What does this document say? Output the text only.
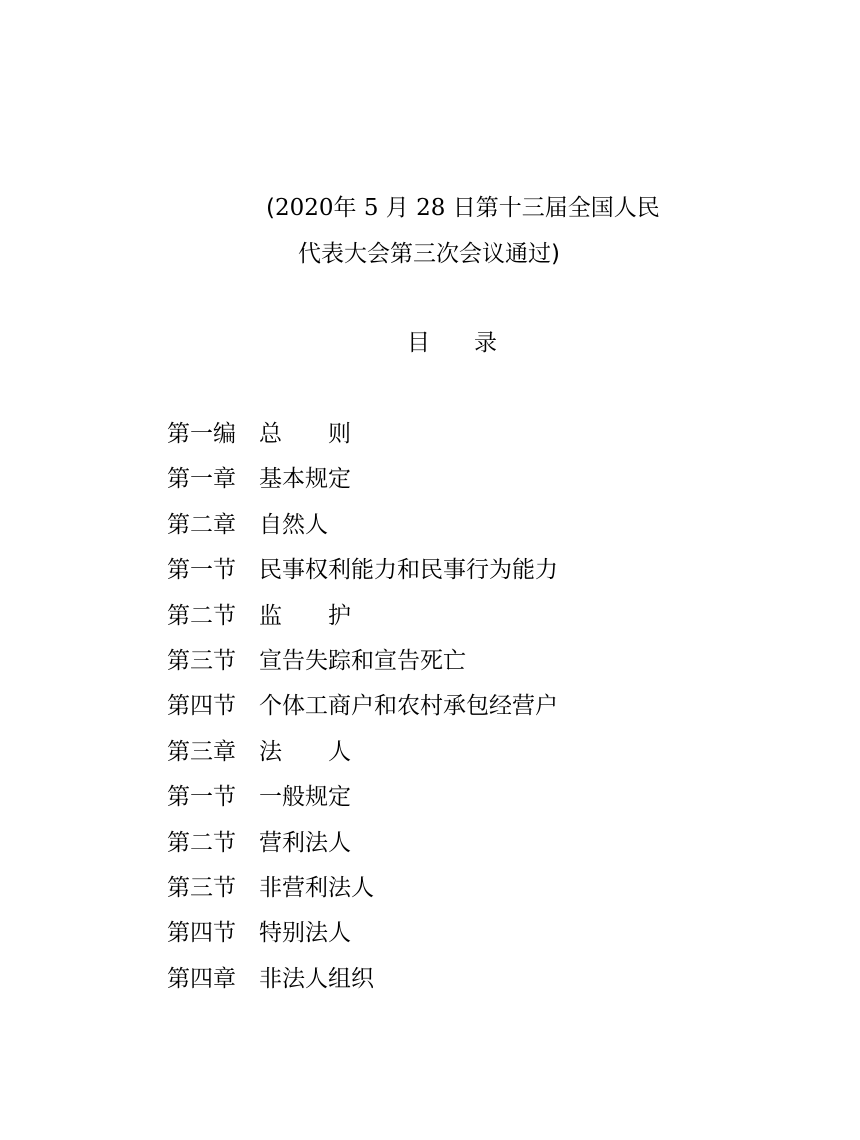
(2020年 5 月 28 日第十三届全国人民
代表大会第三次会议通过)
目 录
第一编 总　　则
第一章 基本规定
第二章 自然人
第一节 民事权利能力和民事行为能力
第二节 监　　护
第三节 宣告失踪和宣告死亡
第四节 个体工商户和农村承包经营户
第三章 法　　人
第一节 一般规定
第二节 营利法人
第三节 非营利法人
第四节 特别法人
第四章 非法人组织
